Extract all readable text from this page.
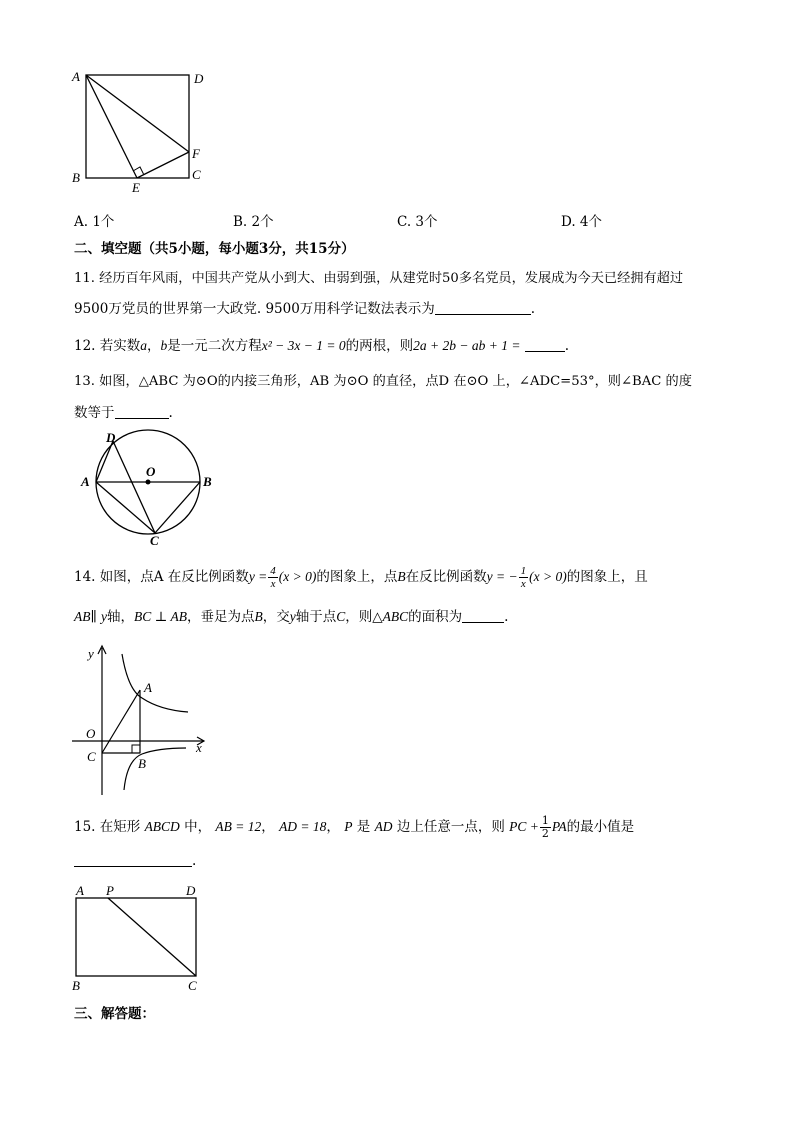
A	D
B	C
E
F
A. 1个	B. 2个	C. 3个	D. 4个
二、填空题（共5小题，每小题3分，共15分）
11. 经历百年风雨，中国共产党从小到大、由弱到强，从建党时50多名党员，发展成为今天已经拥有超过
9500万党员的世界第一大政党. 9500万用科学记数法表示为	.
12. 若实数a，b是一元二次方程x² − 3x − 1 = 0的两根，则2a + 2b − ab + 1 =	.
13. 如图，△ABC 为⊙O的内接三角形，AB 为⊙O 的直径，点D 在⊙O 上，∠ADC=53°，则∠BAC 的度
数等于	.
D
O
A	B
C
14. 如图，点A 在反比例函数$y = \frac{4}{x} (x > 0)$的图象上，点B在反比例函数y = − $\frac{1}{x} (x > 0)$的图象上，且
AB∥ y轴，BC ⊥ AB，垂足为点B，交y轴于点C，则△ABC的面积为	.
y
x
O
A
C	B
15. 在矩形 ABCD 中， AB = 12， AD = 18， P 是 AD 边上任意一点，则 PC + $\frac{1}{2}$ PA的最小值是
.
A P	D
B	C
三、解答题：
